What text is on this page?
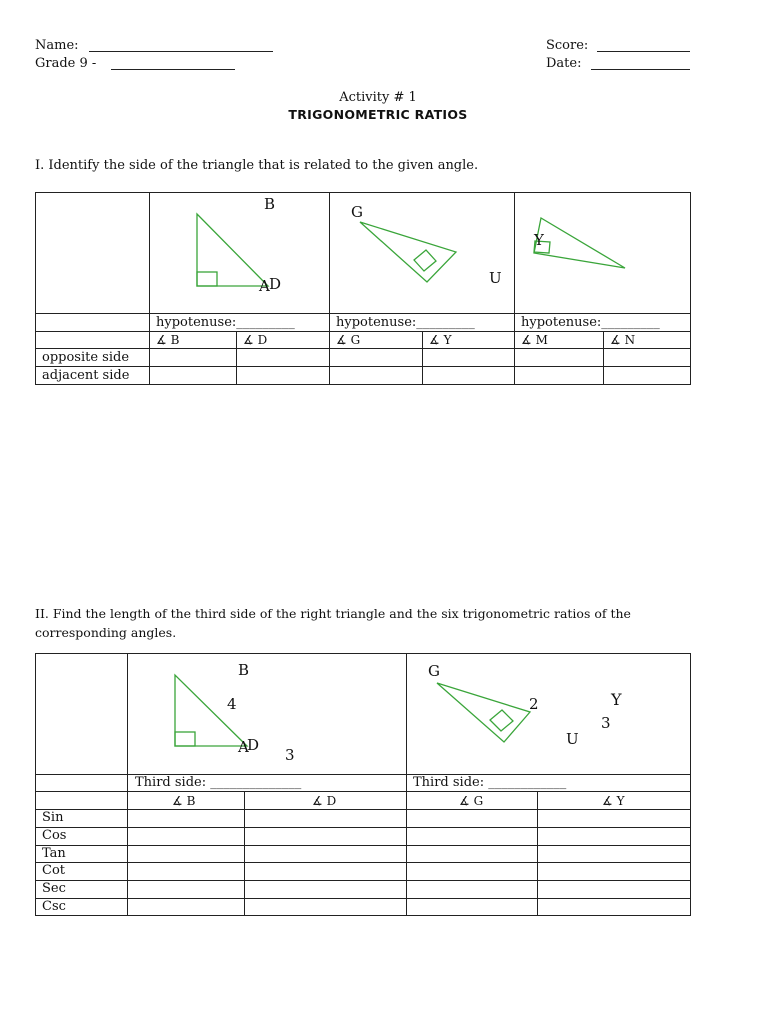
Name:
Grade 9 -
Score:
Date:
Activity # 1
TRIGONOMETRIC RATIOS
I. Identify the side of the triangle that is related to the given angle.
B
A D
G
U
Y
hypotenuse:_________	hypotenuse:_________	hypotenuse:_________
∡ B	∡ D	∡ G	∡ Y	∡ M	∡ N
opposite side
adjacent side
II. Find the length of the third side of the right triangle and the six trigonometric ratios of the corresponding angles.
B
4
A
D
3
G
2	Y
3
U
Third side: ______________	Third side: ____________
∡ B	∡ D	∡ G	∡ Y
Sin
Cos
Tan
Cot
Sec
Csc
